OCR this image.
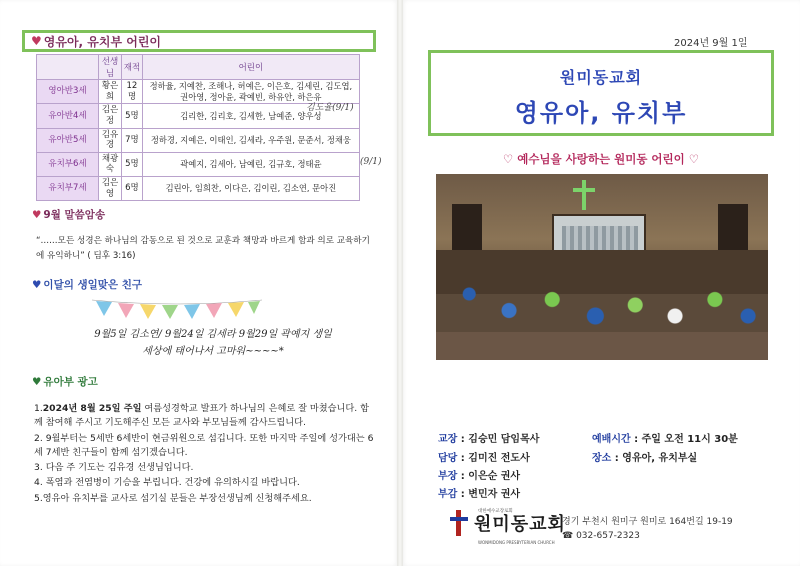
♥ 영유아, 유치부 어린이
	선생님	재적	어린이
영아반3세	황은희	12명	정하율, 지예찬, 조해나, 허예은, 이은호, 김세린, 김도엽, 권아영, 정아윤, 곽예빈, 하유안, 하은유
유아반4세	김은정	5명	김리한, 김리호, 김세한, 남예준, 양우성
유아반5세	김유경	7명	정하경, 지예은, 이태인, 김세라, 우주원, 문준서, 정채웅
유치부6세	채광숙	5명	곽예지, 김세아, 남예린, 김규호, 정태윤
유치부7세	김은영	6명	김린아, 임희찬, 이다은, 김이린, 김소연, 문아진
김도율(9/1)
(9/1)
♥ 9월 말씀암송
“……모든 성경은 하나님의 감동으로 된 것으로 교훈과 책망과 바르게 함과 의로 교육하기에 유익하니” ( 딤후 3:16)
♥ 이달의 생일맞은 친구
9월5일 김소연/ 9월24일 김세라 9월29일 곽예지 생일
세상에 태어나서 고마워~~~~*
♥ 유아부 광고

1.2024년 8월 25일 주일 여름성경학교 발표가 하나님의 은혜로 잘 마쳤습니다. 함께 참여해 주시고 기도해주신 모든 교사와 부모님들께 감사드립니다.

2. 9월부터는 5세반 6세반이 현금위원으로 섬깁니다. 또한 마지막 주일에 성가대는 6세 7세반 친구들이 함께 섬기겠습니다.

3. 다음 주 기도는 김유경 선생님입니다.

4. 폭염과 전염병이 기승을 부립니다. 건강에 유의하시길 바랍니다.

5.영유아 유치부를 교사로 섬기실 분들은 부장선생님께 신청해주세요.

2024년 9월 1일
원미동교회
영유아, 유치부
♡ 예수님을 사랑하는 원미동 어린이 ♡
교장 : 김승민 담임목사
담당 : 김미진 전도사
부장 : 이은순 권사
부감 : 변민자 권사
예배시간 : 주일 오전 11시 30분
장소 : 영유아, 유치부실
대한예수교장로회
원미동교회
WONMIDONG PRESBYTERIAN CHURCH
경기 부천시 원미구 원미로 164번길 19-19
☎ 032-657-2323
